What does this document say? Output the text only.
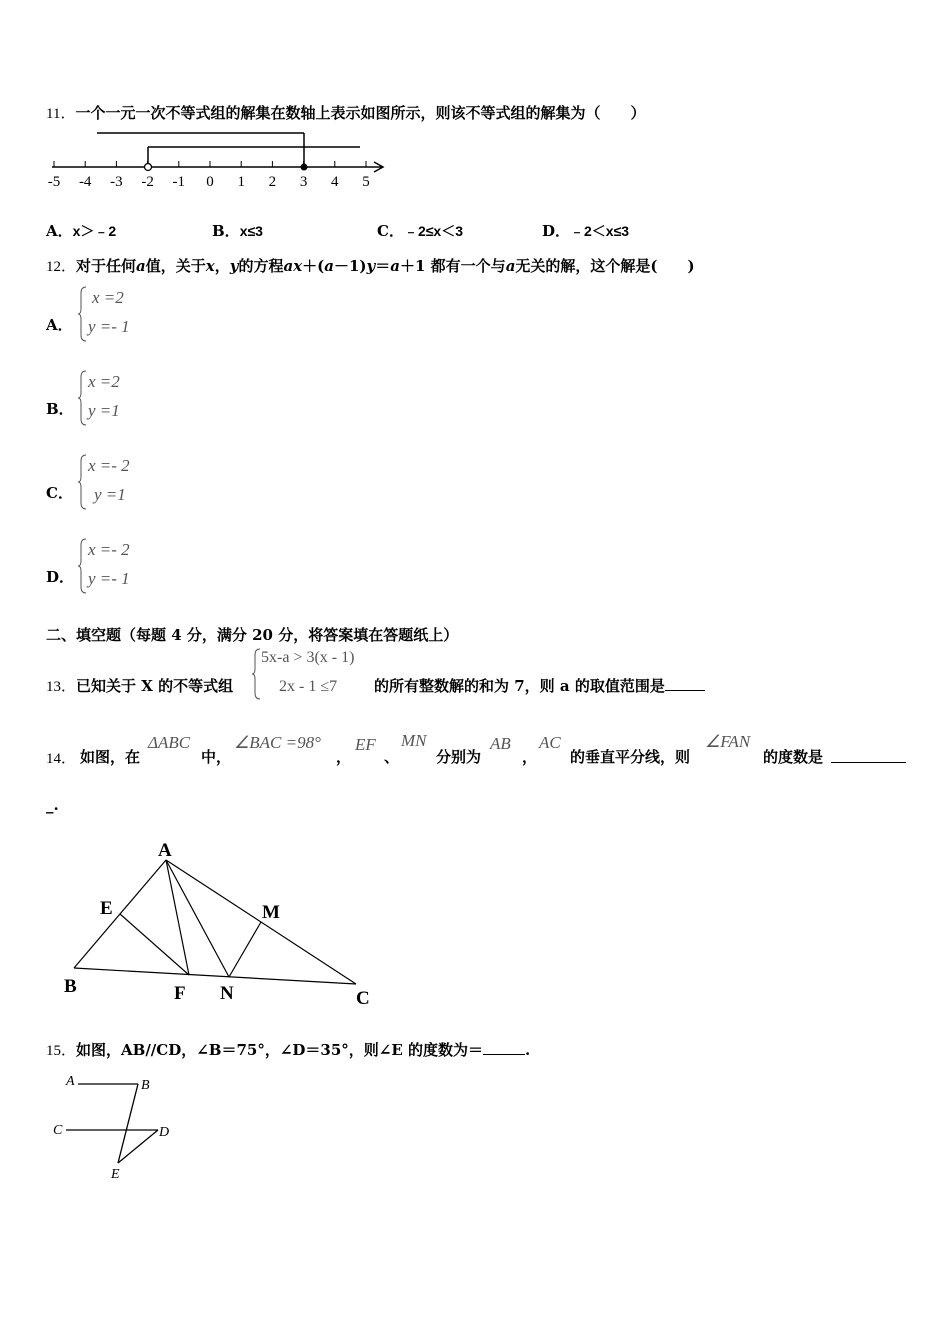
11．一个一元一次不等式组的解集在数轴上表示如图所示，则该不等式组的解集为（　　）
-5 -4 -3 -2 -1 0 1 2 3 4 5
A．x＞﹣2	B．x≤3	C．﹣2≤x＜3	D．﹣2＜x≤3
12．对于任何a值，关于x，y的方程ax＋(a－1)y＝a＋1 都有一个与a无关的解，这个解是(　　)
A．
x =2
y =- 1
B．
x =2
y =1
C．
x =- 2
y =1
D．
x =- 2
y =- 1
二、填空题（每题 4 分，满分 20 分，将答案填在答题纸上）
13．已知关于 X 的不等式组
5x-a > 3(x - 1)
2x - 1 ≤7 的所有整数解的和为 7，则 a 的取值范围是
14． 如图，在
ΔABC
中，
∠BAC =98°
，
EF
、
MN
分别为
AB
，
AC
的垂直平分线，则
∠FAN
的度数是
_.
A
E	M
B	F N	C
15．如图，AB//CD，∠B＝75°，∠D＝35°，则∠E 的度数为＝	.
A	B
C	D
E
